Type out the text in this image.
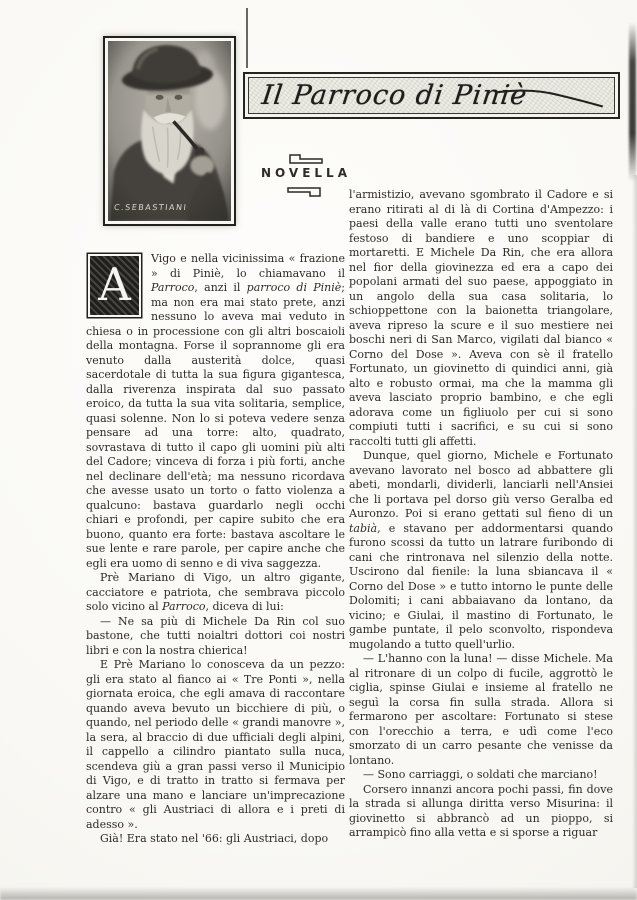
C.SEBASTIANI
Il Parroco di Piniè
NOVELLA

A	Vigo e nella vicinissima « frazione » di Piniè, lo chiamavano il Parroco, anzi il parroco di Piniè; ma non era mai stato prete, anzi nessuno lo aveva mai veduto in chiesa o in processione con gli altri boscaioli della montagna. Forse il soprannome gli era venuto dalla austerità dolce, quasi sacerdotale di tutta la sua figura gigantesca, dalla riverenza inspirata dal suo passato eroico, da tutta la sua vita solitaria, semplice, quasi solenne. Non lo si poteva vedere senza pensare ad una torre: alto, quadrato, sovrastava di tutto il capo gli uomini più alti del Cadore; vinceva di forza i più forti, anche nel declinare dell'età; ma nessuno ricordava che avesse usato un torto o fatto violenza a qualcuno: bastava guardarlo negli occhi chiari e profondi, per capire subito che era buono, quanto era forte: bastava ascoltare le sue lente e rare parole, per capire anche che egli era uomo di senno e di viva saggezza.

Prè Mariano di Vigo, un altro gigante, cacciatore e patriota, che sembrava piccolo solo vicino al Parroco, diceva di lui:

— Ne sa più di Michele Da Rin col suo bastone, che tutti noialtri dottori coi nostri libri e con la nostra chierica!

E Prè Mariano lo conosceva da un pezzo: gli era stato al fianco ai « Tre Ponti », nella giornata eroica, che egli amava di raccontare quando aveva bevuto un bicchiere di più, o quando, nel periodo delle « grandi manovre », la sera, al braccio di due ufficiali degli alpini, il cappello a cilindro piantato sulla nuca, scendeva giù a gran passi verso il Municipio di Vigo, e di tratto in tratto si fermava per alzare una mano e lanciare un'imprecazione contro « gli Austriaci di allora e i preti di adesso ».

Già! Era stato nel '66: gli Austriaci, dopo

l'armistizio, avevano sgombrato il Cadore e si erano ritirati al di là di Cortina d'Ampezzo: i paesi della valle erano tutti uno sventolare festoso di bandiere e uno scoppiar di mortaretti. E Michele Da Rin, che era allora nel fior della giovinezza ed era a capo dei popolani armati del suo paese, appoggiato in un angolo della sua casa solitaria, lo schioppettone con la baionetta triangolare, aveva ripreso la scure e il suo mestiere nei boschi neri di San Marco, vigilati dal bianco « Corno del Dose ». Aveva con sè il fratello Fortunato, un giovinetto di quindici anni, già alto e robusto ormai, ma che la mamma gli aveva lasciato proprio bambino, e che egli adorava come un figliuolo per cui si sono compiuti tutti i sacrifici, e su cui si sono raccolti tutti gli affetti.

Dunque, quel giorno, Michele e Fortunato avevano lavorato nel bosco ad abbattere gli abeti, mondarli, dividerli, lanciarli nell'Ansiei che li portava pel dorso giù verso Geralba ed Auronzo. Poi si erano gettati sul fieno di un tabià, e stavano per addormentarsi quando furono scossi da tutto un latrare furibondo di cani che rintronava nel silenzio della notte. Uscirono dal fienile: la luna sbiancava il « Corno del Dose » e tutto intorno le punte delle Dolomiti; i cani abbaiavano da lontano, da vicino; e Giulai, il mastino di Fortunato, le gambe puntate, il pelo sconvolto, rispondeva mugolando a tutto quell'urlio.

— L'hanno con la luna! — disse Michele. Ma al ritronare di un colpo di fucile, aggrottò le ciglia, spinse Giulai e insieme al fratello ne seguì la corsa fin sulla strada. Allora si fermarono per ascoltare: Fortunato si stese con l'orecchio a terra, e udì come l'eco smorzato di un carro pesante che venisse da lontano.

— Sono carriaggi, o soldati che marciano!

Corsero innanzi ancora pochi passi, fin dove la strada si allunga diritta verso Misurina: il giovinetto si abbrancò ad un pioppo, si arrampicò fino alla vetta e si sporse a riguar
